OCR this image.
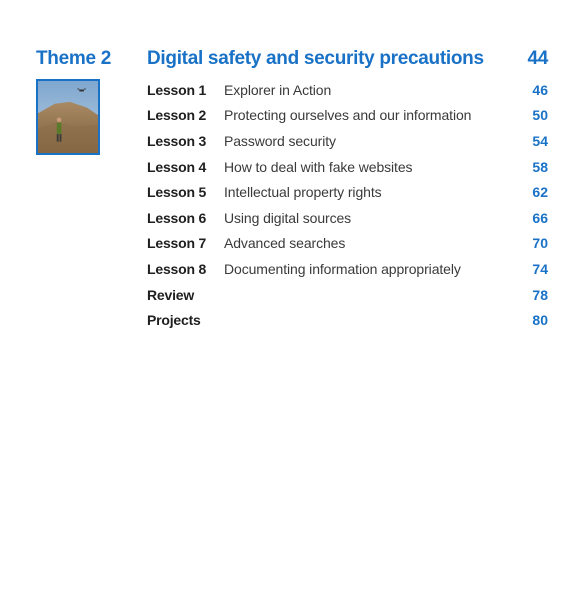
Theme 2 Digital safety and security precautions 44
Lesson 1	Explorer in Action	46
Lesson 2	Protecting ourselves and our information	50
Lesson 3	Password security	54
Lesson 4	How to deal with fake websites	58
Lesson 5	Intellectual property rights	62
Lesson 6	Using digital sources	66
Lesson 7	Advanced searches	70
Lesson 8	Documenting information appropriately	74
Review	78
Projects	80
